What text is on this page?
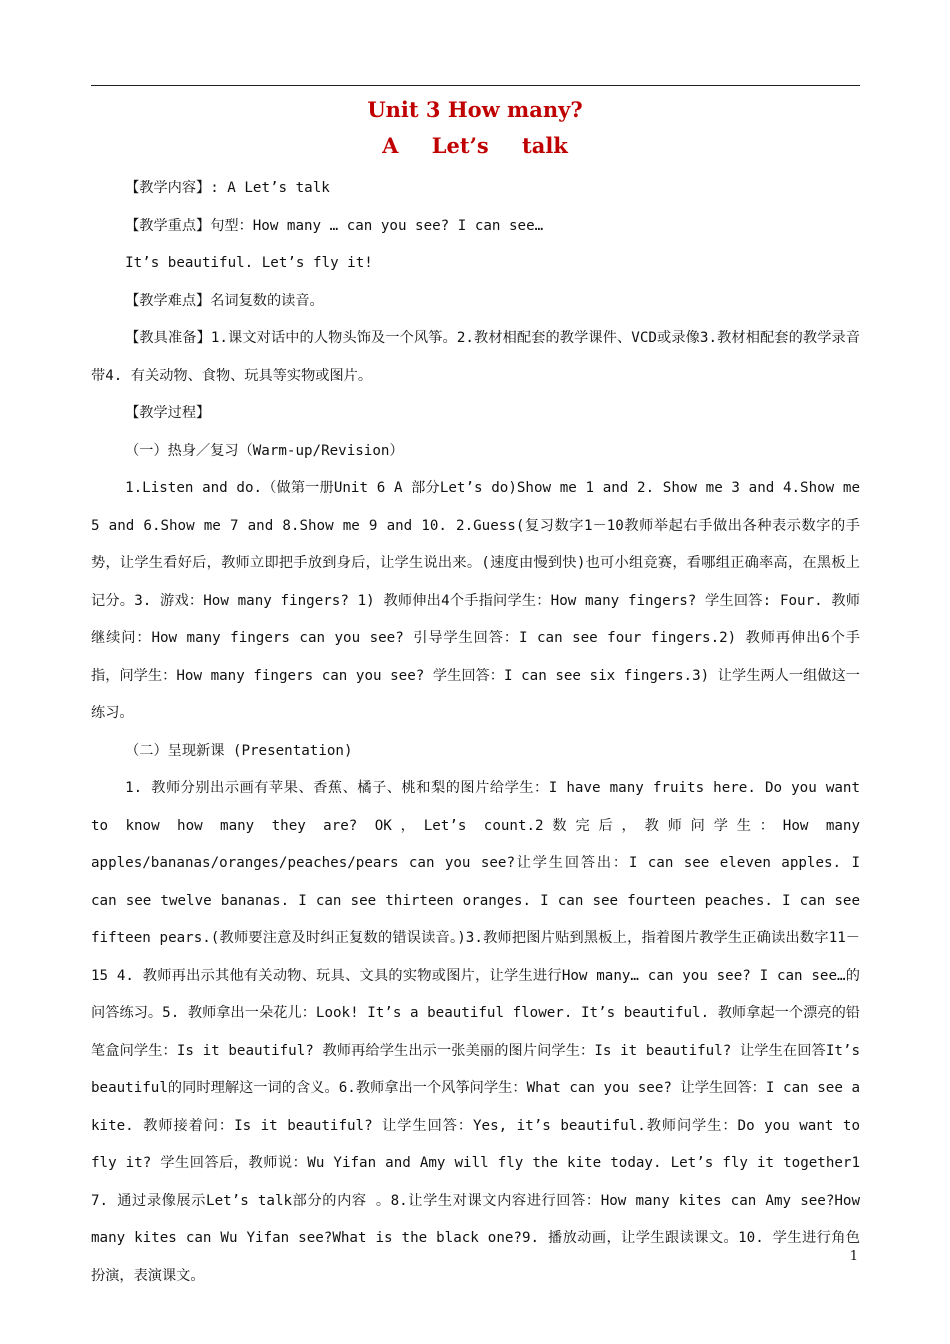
Unit 3 How many?
A Let’s talk

【教学内容】: A Let’s talk

【教学重点】句型：How many … can you see? I can see…

It’s beautiful. Let’s fly it!

【教学难点】名词复数的读音。

【教具准备】1.课文对话中的人物头饰及一个风筝。2.教材相配套的教学课件、VCD或录像3.教材相配套的教学录音带4. 有关动物、食物、玩具等实物或图片。

【教学过程】

（一）热身／复习（Warm-up/Revision）

1.Listen and do.（做第一册Unit 6 A 部分Let’s do)Show me 1 and 2. Show me 3 and 4.Show me 5 and 6.Show me 7 and 8.Show me 9 and 10. 2.Guess(复习数字1－10教师举起右手做出各种表示数字的手势，让学生看好后，教师立即把手放到身后，让学生说出来。(速度由慢到快)也可小组竞赛，看哪组正确率高，在黑板上记分。3. 游戏：How many fingers? 1) 教师伸出4个手指问学生：How many fingers? 学生回答: Four. 教师继续问：How many fingers can you see? 引导学生回答：I can see four fingers.2) 教师再伸出6个手指，问学生：How many fingers can you see? 学生回答：I can see six fingers.3) 让学生两人一组做这一练习。

（二）呈现新课 (Presentation)

1. 教师分别出示画有苹果、香蕉、橘子、桃和梨的图片给学生：I have many fruits here. Do you want to know how many they are? OK，Let’s count.2数完后，教师问学生：How many apples/bananas/oranges/peaches/pears can you see?让学生回答出：I can see eleven apples. I can see twelve bananas. I can see thirteen oranges. I can see fourteen peaches. I can see fifteen pears.(教师要注意及时纠正复数的错误读音。)3.教师把图片贴到黑板上，指着图片教学生正确读出数字11－15 4. 教师再出示其他有关动物、玩具、文具的实物或图片，让学生进行How many… can you see? I can see…的问答练习。5. 教师拿出一朵花儿：Look! It’s a beautiful flower. It’s beautiful. 教师拿起一个漂亮的铅笔盒问学生：Is it beautiful? 教师再给学生出示一张美丽的图片问学生：Is it beautiful? 让学生在回答It’s beautiful的同时理解这一词的含义。6.教师拿出一个风筝问学生：What can you see? 让学生回答：I can see a kite. 教师接着问：Is it beautiful? 让学生回答：Yes, it’s beautiful.教师问学生：Do you want to fly it? 学生回答后，教师说：Wu Yifan and Amy will fly the kite today. Let’s fly it together1 7. 通过录像展示Let’s talk部分的内容 。8.让学生对课文内容进行回答：How many kites can Amy see?How many kites can Wu Yifan see?What is the black one?9. 播放动画，让学生跟读课文。10. 学生进行角色扮演，表演课文。

1
